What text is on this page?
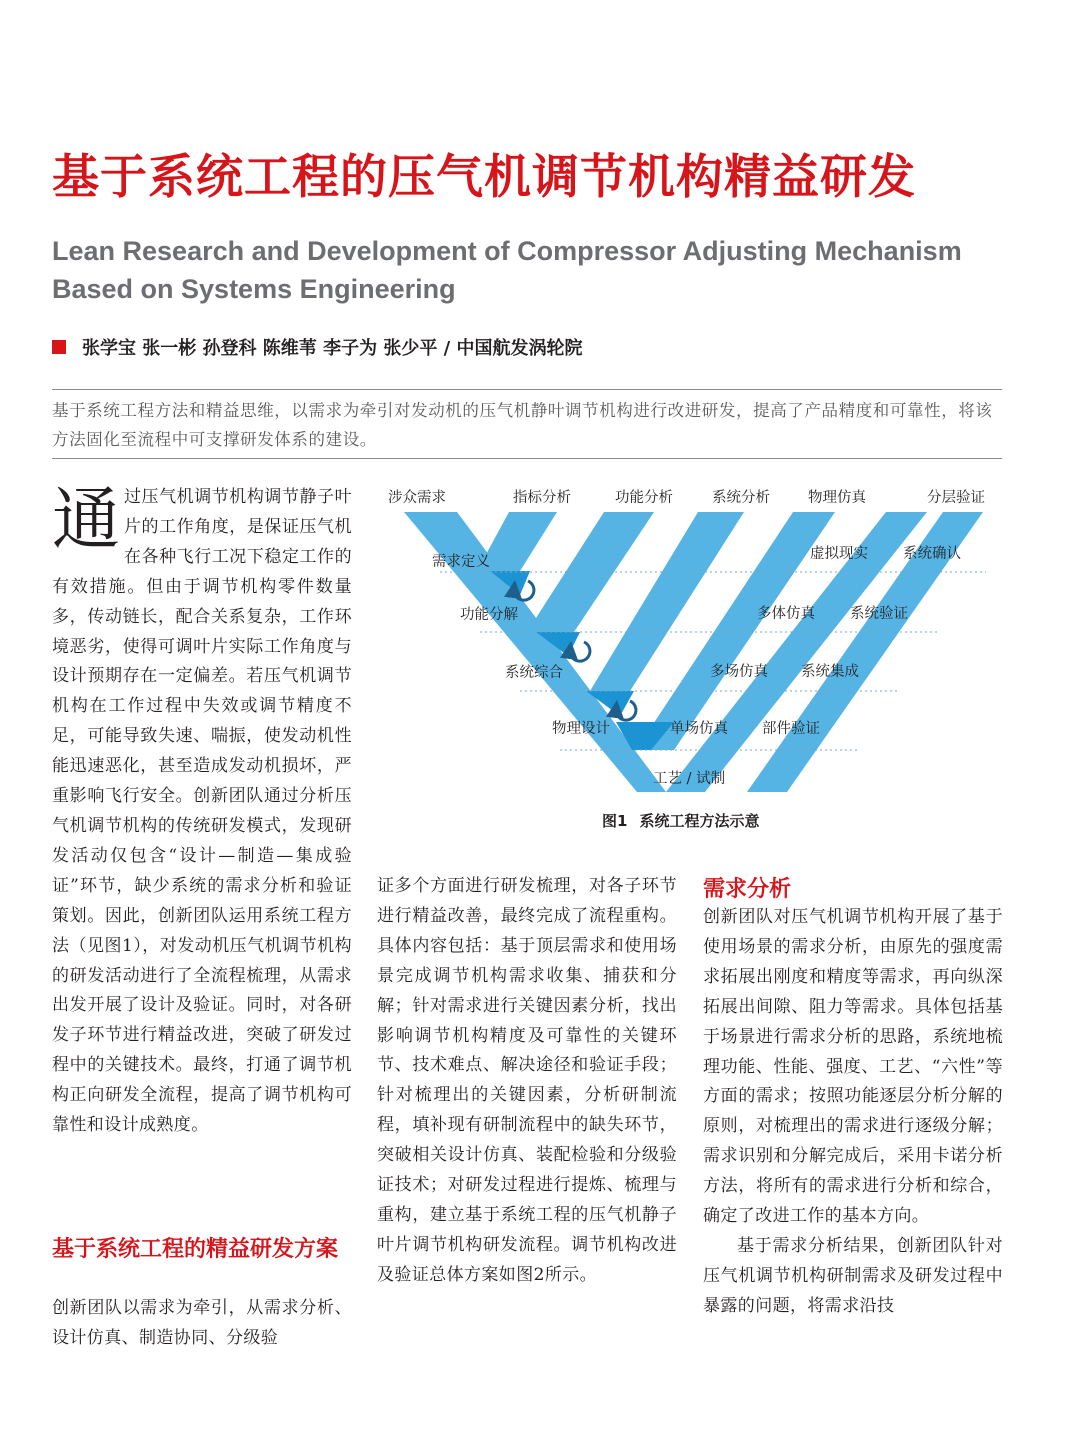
基于系统工程的压气机调节机构精益研发
Lean Research and Development of Compressor Adjusting Mechanism Based on Systems Engineering
张学宝 张一彬 孙登科 陈维苇 李子为 张少平 / 中国航发涡轮院
基于系统工程方法和精益思维，以需求为牵引对发动机的压气机静叶调节机构进行改进研发，提高了产品精度和可靠性，将该方法固化至流程中可支撑研发体系的建设。
通 过压气机调节机构调节静子叶片的工作角度，是保证压气机在各种飞行工况下稳定工作的有效措施。但由于调节机构零件数量多，传动链长，配合关系复杂，工作环境恶劣，使得可调叶片实际工作角度与设计预期存在一定偏差。若压气机调节机构在工作过程中失效或调节精度不足，可能导致失速、喘振，使发动机性能迅速恶化，甚至造成发动机损坏，严重影响飞行安全。创新团队通过分析压气机调节机构的传统研发模式，发现研发活动仅包含“设计—制造—集成验证”环节，缺少系统的需求分析和验证策划。因此，创新团队运用系统工程方法（见图1），对发动机压气机调节机构的研发活动进行了全流程梳理，从需求出发开展了设计及验证。同时，对各研发子环节进行精益改进，突破了研发过程中的关键技术。最终，打通了调节机构正向研发全流程，提高了调节机构可靠性和设计成熟度。
基于系统工程的精益研发方案
创新团队以需求为牵引，从需求分析、设计仿真、制造协同、分级验
证多个方面进行研发梳理，对各子环节进行精益改善，最终完成了流程重构。具体内容包括：基于顶层需求和使用场景完成调节机构需求收集、捕获和分解；针对需求进行关键因素分析，找出影响调节机构精度及可靠性的关键环节、技术难点、解决途径和验证手段；针对梳理出的关键因素，分析研制流程，填补现有研制流程中的缺失环节，突破相关设计仿真、装配检验和分级验证技术；对研发过程进行提炼、梳理与重构，建立基于系统工程的压气机静子叶片调节机构研发流程。调节机构改进及验证总体方案如图2所示。
需求分析

创新团队对压气机调节机构开展了基于使用场景的需求分析，由原先的强度需求拓展出刚度和精度等需求，再向纵深拓展出间隙、阻力等需求。具体包括基于场景进行需求分析的思路，系统地梳理功能、性能、强度、工艺、“六性”等方面的需求；按照功能逐层分析分解的原则，对梳理出的需求进行逐级分解；需求识别和分解完成后，采用卡诺分析方法，将所有的需求进行分析和综合，确定了改进工作的基本方向。

基于需求分析结果，创新团队针对压气机调节机构研制需求及研发过程中暴露的问题，将需求沿技

涉众需求	指标分析	功能分析	系统分析	物理仿真	分层验证
需求定义
功能分解
系统综合
物理设计
虚拟现实 系统确认
多体仿真 系统验证
多场仿真 系统集成
单场仿真 部件验证
工艺 / 试制
图1 系统工程方法示意
